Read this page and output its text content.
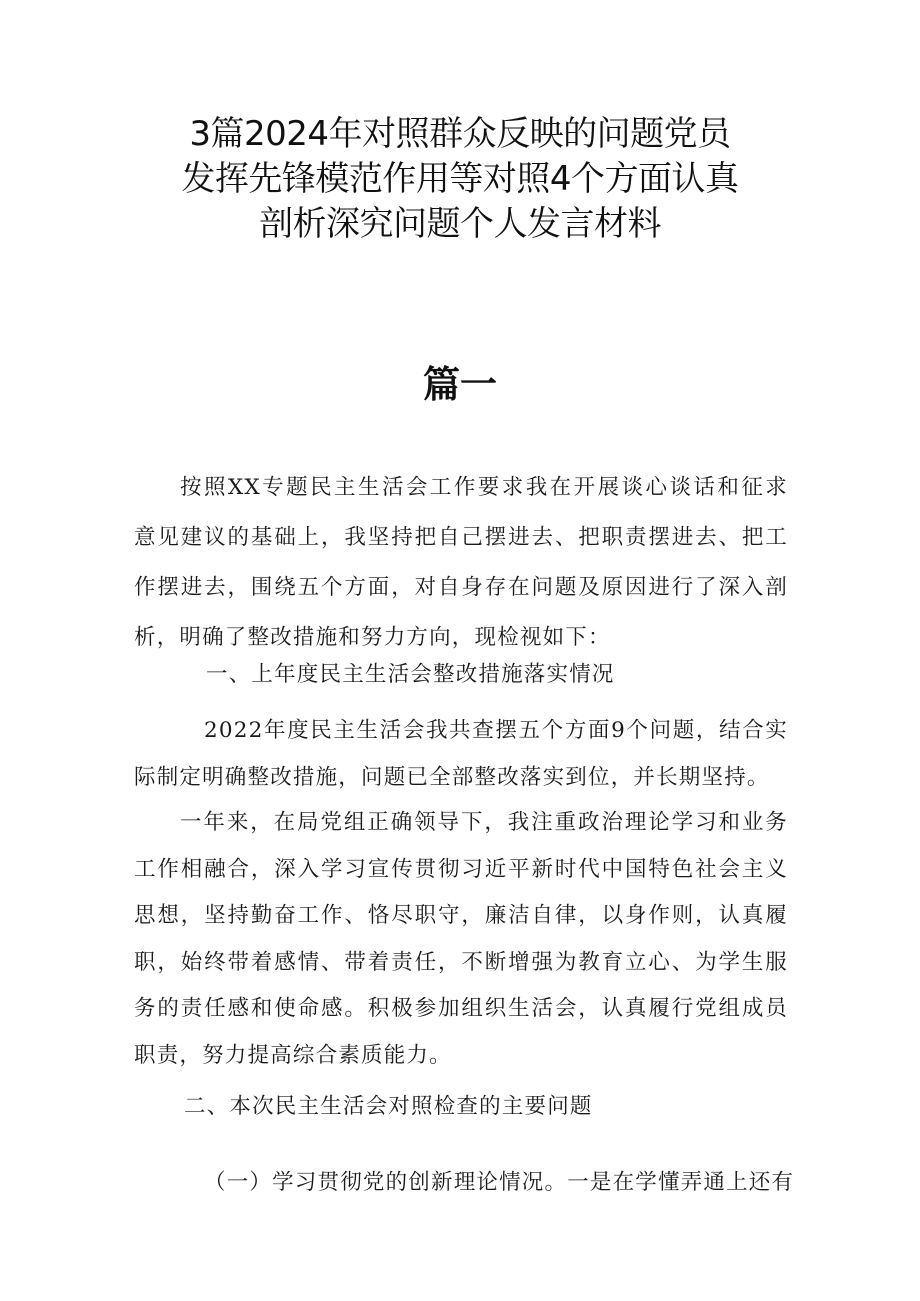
3篇2024年对照群众反映的问题党员
发挥先锋模范作用等对照4个方面认真
剖析深究问题个人发言材料
篇一
按照XX专题民主生活会工作要求我在开展谈心谈话和征求
意见建议的基础上，我坚持把自己摆进去、把职责摆进去、把工
作摆进去，围绕五个方面，对自身存在问题及原因进行了深入剖
析，明确了整改措施和努力方向，现检视如下：
一、上年度民主生活会整改措施落实情况
2022年度民主生活会我共查摆五个方面9个问题，结合实
际制定明确整改措施，问题已全部整改落实到位，并长期坚持。
一年来，在局党组正确领导下，我注重政治理论学习和业务
工作相融合，深入学习宣传贯彻习近平新时代中国特色社会主义
思想，坚持勤奋工作、恪尽职守，廉洁自律，以身作则，认真履
职，始终带着感情、带着责任，不断增强为教育立心、为学生服
务的责任感和使命感。积极参加组织生活会，认真履行党组成员
职责，努力提高综合素质能力。
二、本次民主生活会对照检查的主要问题
（一）学习贯彻党的创新理论情况。一是在学懂弄通上还有
